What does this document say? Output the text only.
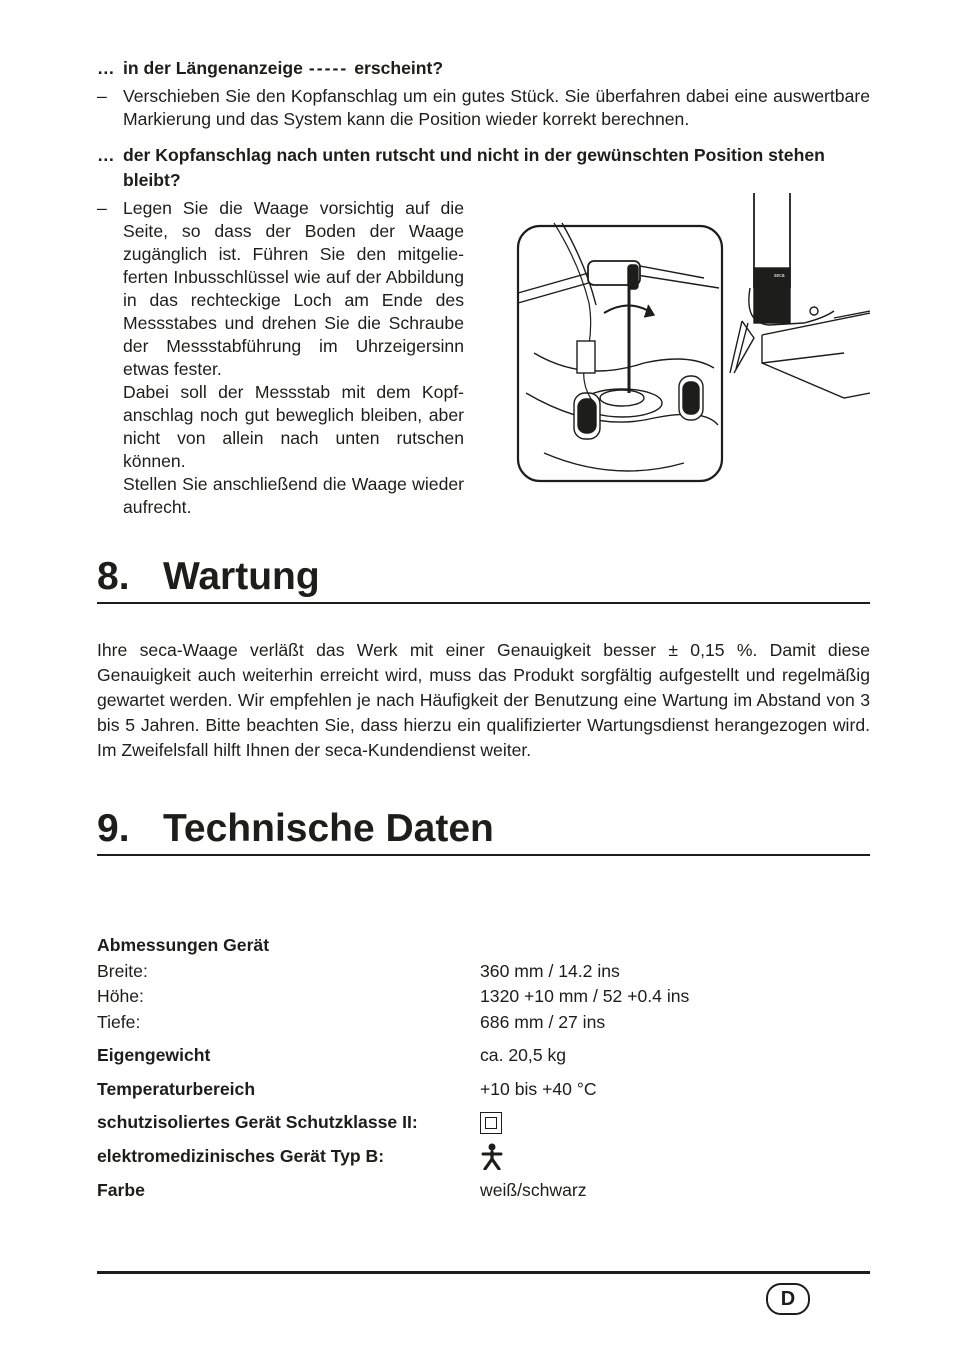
… in der Längenanzeige ----- erscheint?
– Verschieben Sie den Kopfanschlag um ein gutes Stück. Sie überfahren dabei eine auswertbare Markierung und das System kann die Position wieder korrekt berechnen.
… der Kopfanschlag nach unten rutscht und nicht in der gewünschten Position stehen bleibt?
– Legen Sie die Waage vorsichtig auf die Seite, so dass der Boden der Waage zugänglich ist. Führen Sie den mitgelieferten Inbusschlüssel wie auf der Abbildung in das rechteckige Loch am Ende des Messstabes und drehen Sie die Schraube der Messstabführung im Uhrzeigersinn etwas fester.
Dabei soll der Messstab mit dem Kopfanschlag noch gut beweglich bleiben, aber nicht von allein nach unten rutschen können.
Stellen Sie anschließend die Waage wieder aufrecht.
seca
8. Wartung
Ihre seca-Waage verläßt das Werk mit einer Genauigkeit besser ± 0,15 %. Damit diese Genauigkeit auch weiterhin erreicht wird, muss das Produkt sorgfältig aufgestellt und regelmäßig gewartet werden. Wir empfehlen je nach Häufigkeit der Benutzung eine Wartung im Abstand von 3 bis 5 Jahren. Bitte beachten Sie, dass hierzu ein qualifizierter Wartungsdienst herangezogen wird. Im Zweifelsfall hilft Ihnen der seca-Kundendienst weiter.
9. Technische Daten
Abmessungen Gerät
Breite:	360 mm / 14.2 ins
Höhe:	1320 +10 mm / 52 +0.4 ins
Tiefe:	686 mm / 27 ins
Eigengewicht	ca. 20,5 kg
Temperaturbereich	+10 bis +40 °C
schutzisoliertes Gerät Schutzklasse II:
elektromedizinisches Gerät Typ B:
Farbe	weiß/schwarz
D
